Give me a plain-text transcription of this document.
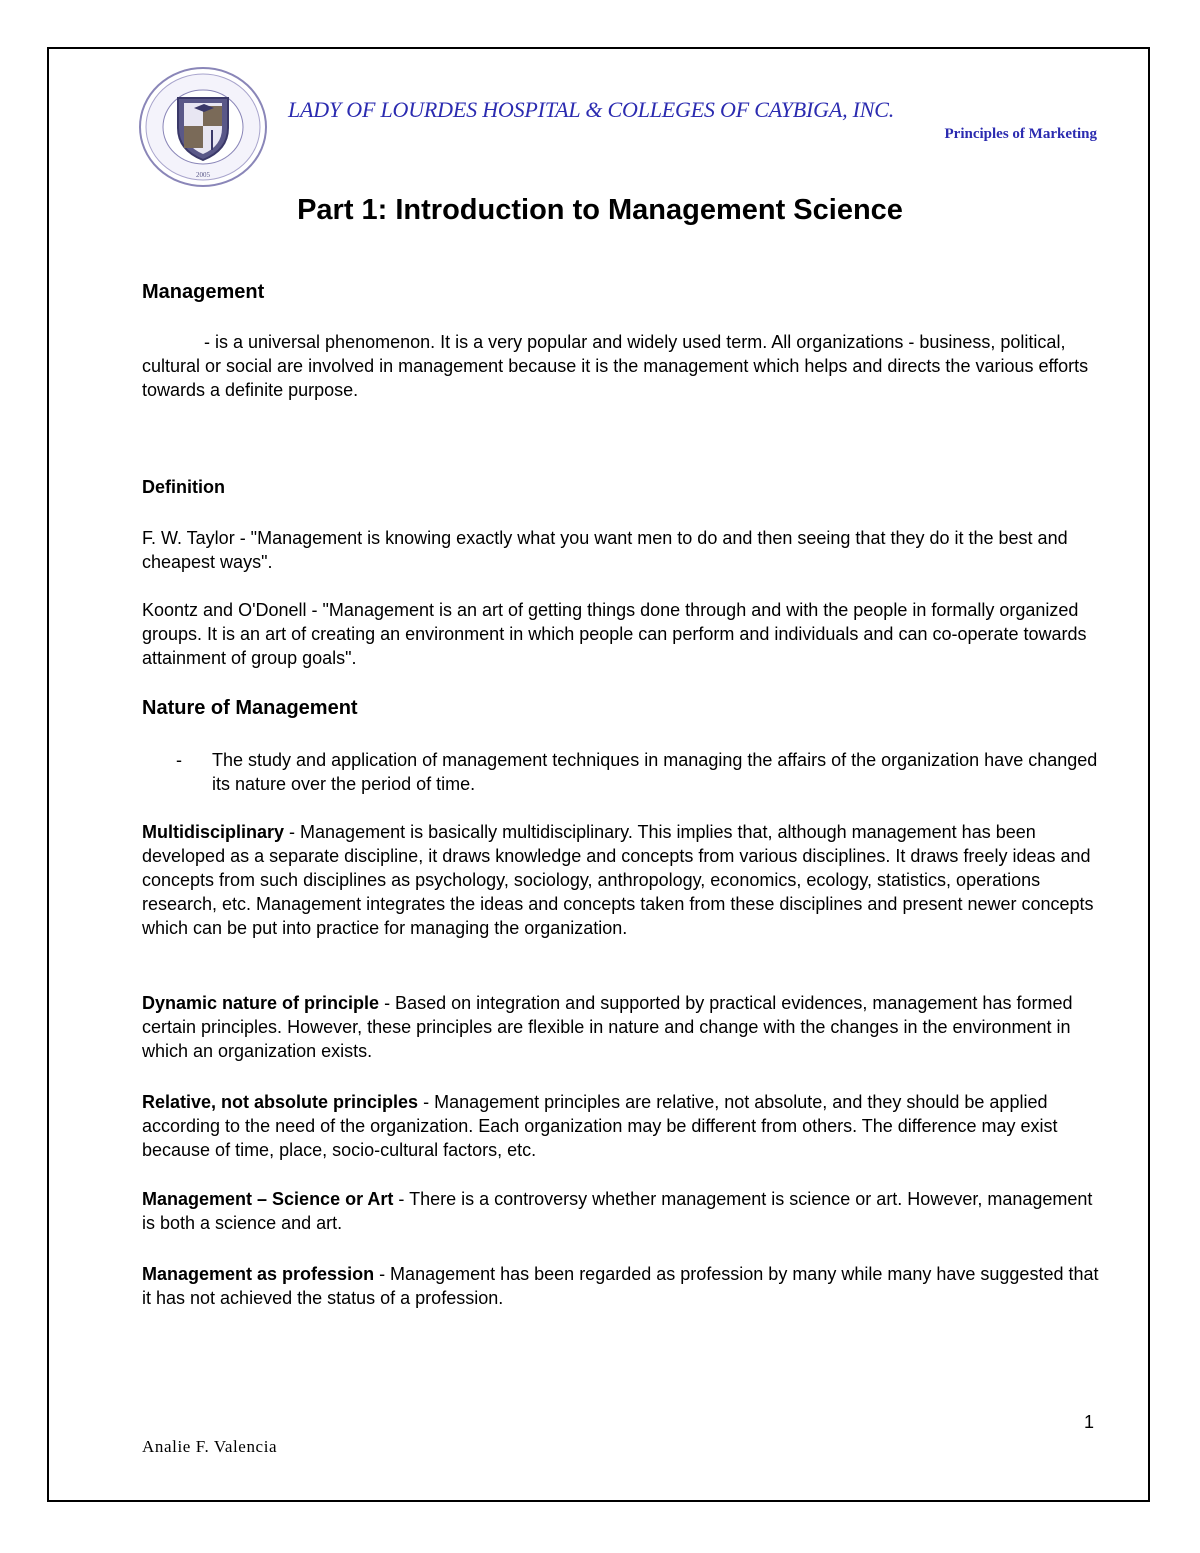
2005
LADY OF LOURDES HOSPITAL & COLLEGES OF CAYBIGA, INC.
Principles of Marketing
Part 1: Introduction to Management Science
Management
- is a universal phenomenon. It is a very popular and widely used term. All organizations - business, political, cultural or social are involved in management because it is the management which helps and directs the various efforts towards a definite purpose.
Definition
F. W. Taylor - "Management is knowing exactly what you want men to do and then seeing that they do it the best and cheapest ways".
Koontz and O'Donell - "Management is an art of getting things done through and with the people in formally organized groups. It is an art of creating an environment in which people can perform and individuals and can co-operate towards attainment of group goals".
Nature of Management
- The study and application of management techniques in managing the affairs of the organization have changed its nature over the period of time.
Multidisciplinary - Management is basically multidisciplinary. This implies that, although management has been developed as a separate discipline, it draws knowledge and concepts from various disciplines. It draws freely ideas and concepts from such disciplines as psychology, sociology, anthropology, economics, ecology, statistics, operations research, etc. Management integrates the ideas and concepts taken from these disciplines and present newer concepts which can be put into practice for managing the organization.
Dynamic nature of principle - Based on integration and supported by practical evidences, management has formed certain principles. However, these principles are flexible in nature and change with the changes in the environment in which an organization exists.
Relative, not absolute principles - Management principles are relative, not absolute, and they should be applied according to the need of the organization. Each organization may be different from others. The difference may exist because of time, place, socio-cultural factors, etc.
Management – Science or Art - There is a controversy whether management is science or art. However, management is both a science and art.
Management as profession - Management has been regarded as profession by many while many have suggested that it has not achieved the status of a profession.
1
Analie F. Valencia
